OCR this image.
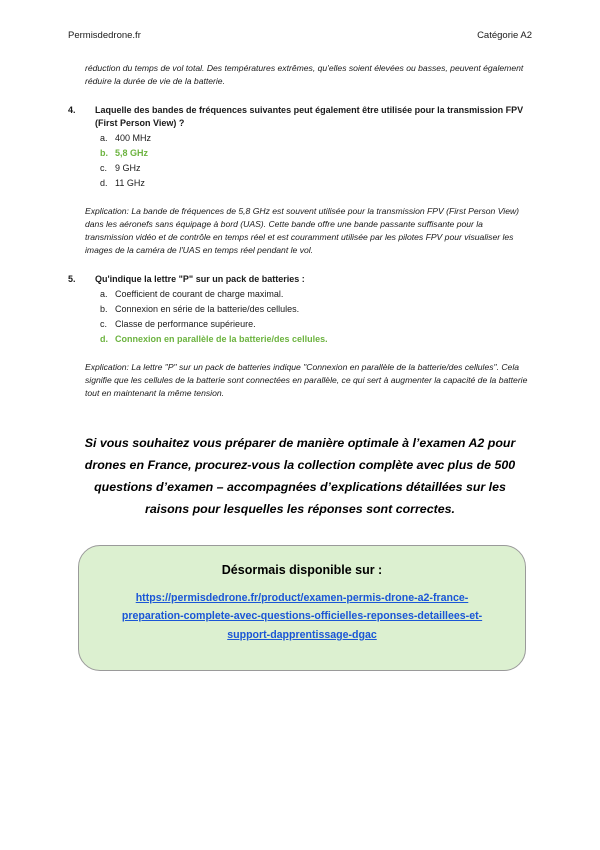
Permisdedrone.fr	Catégorie A2

réduction du temps de vol total. Des températures extrêmes, qu'elles soient élevées ou basses, peuvent également réduire la durée de vie de la batterie.

4.	Laquelle des bandes de fréquences suivantes peut également être utilisée pour la transmission FPV (First Person View) ?
a. 400 MHz
b. 5,8 GHz
c. 9 GHz
d. 11 GHz

Explication: La bande de fréquences de 5,8 GHz est souvent utilisée pour la transmission FPV (First Person View) dans les aéronefs sans équipage à bord (UAS). Cette bande offre une bande passante suffisante pour la transmission vidéo et de contrôle en temps réel et est couramment utilisée par les pilotes FPV pour visualiser les images de la caméra de l'UAS en temps réel pendant le vol.

5.	Qu'indique la lettre "P" sur un pack de batteries :
a. Coefficient de courant de charge maximal.
b. Connexion en série de la batterie/des cellules.
c. Classe de performance supérieure.
d. Connexion en parallèle de la batterie/des cellules.

Explication: La lettre "P" sur un pack de batteries indique "Connexion en parallèle de la batterie/des cellules". Cela signifie que les cellules de la batterie sont connectées en parallèle, ce qui sert à augmenter la capacité de la batterie tout en maintenant la même tension.

Si vous souhaitez vous préparer de manière optimale à l’examen A2 pour drones en France, procurez-vous la collection complète avec plus de 500 questions d’examen – accompagnées d’explications détaillées sur les raisons pour lesquelles les réponses sont correctes.

Désormais disponible sur :
https://permisdedrone.fr/product/examen-permis-drone-a2-france-preparation-complete-avec-questions-officielles-reponses-detaillees-et-support-dapprentissage-dgac
